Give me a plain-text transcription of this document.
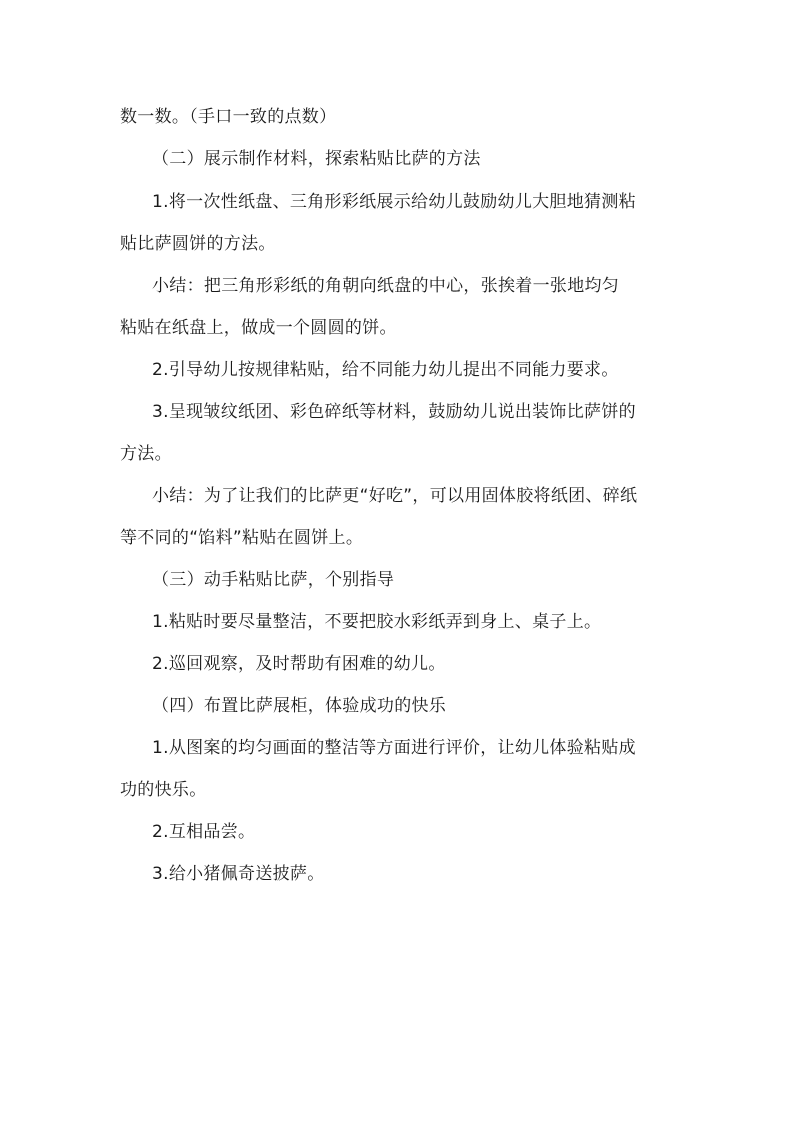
数一数。（手口一致的点数）
（二）展示制作材料，探索粘贴比萨的方法
1.将一次性纸盘、三角形彩纸展示给幼儿鼓励幼儿大胆地猜测粘
贴比萨圆饼的方法。
小结：把三角形彩纸的角朝向纸盘的中心，张挨着一张地均匀
粘贴在纸盘上，做成一个圆圆的饼。
2.引导幼儿按规律粘贴，给不同能力幼儿提出不同能力要求。
3.呈现皱纹纸团、彩色碎纸等材料，鼓励幼儿说出装饰比萨饼的
方法。
小结：为了让我们的比萨更“好吃”，可以用固体胶将纸团、碎纸
等不同的“馅料”粘贴在圆饼上。
（三）动手粘贴比萨，个别指导
1.粘贴时要尽量整洁，不要把胶水彩纸弄到身上、桌子上。
2.巡回观察，及时帮助有困难的幼儿。
（四）布置比萨展柜，体验成功的快乐
1.从图案的均匀画面的整洁等方面进行评价，让幼儿体验粘贴成
功的快乐。
2.互相品尝。
3.给小猪佩奇送披萨。
